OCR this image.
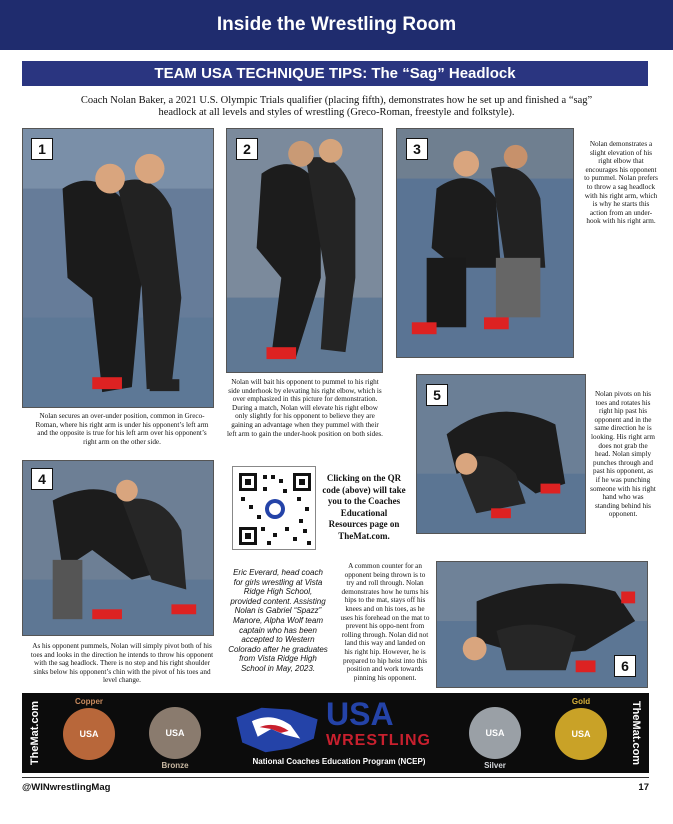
Inside the Wrestling Room
TEAM USA TECHNIQUE TIPS: The “Sag” Headlock

Coach Nolan Baker, a 2021 U.S. Olympic Trials qualifier (placing fifth), demonstrates how he set up and finished a “sag” headlock at all levels and styles of wrestling (Greco-Roman, freestyle and folkstyle).

1	2	3	Nolan demonstrates a slight elevation of his right elbow that encourages his opponent to pummel. Nolan prefers to throw a sag headlock with his right arm, which is why he starts this action from an under-hook with his right arm.

Nolan secures an over-under position, common in Greco-Roman, where his right arm is under his opponent’s left arm and the opposite is true for his left arm over his opponent’s right arm on the other side.

Nolan will bait his opponent to pummel to his right side underhook by elevating his right elbow, which is over emphasized in this picture for demonstration. During a match, Nolan will elevate his right elbow only slightly for his opponent to believe they are gaining an advantage when they pummel with their left arm to gain the under-hook position on both sides.

5	Nolan pivots on his toes and rotates his right hip past his opponent and in the same direction he is looking. His right arm does not grab the head. Nolan simply punches through and past his opponent, as if he was punching someone with his right hand who was standing behind his opponent.

4

As his opponent pummels, Nolan will simply pivot both of his toes and looks in the direction he intends to throw his opponent with the sag headlock. There is no step and his right shoulder sinks below his opponent’s chin with the pivot of his toes and level change.

Clicking on the QR code (above) will take you to the Coaches Educational Resources page on TheMat.com.

Eric Everard, head coach for girls wrestling at Vista Ridge High School, provided content. Assisting Nolan is Gabriel “Spazz” Manore, Alpha Wolf team captain who has been accepted to Western Colorado after he graduates from Vista Ridge High School in May, 2023.

A common counter for an opponent being thrown is to try and roll through. Nolan demonstrates how he turns his hips to the mat, stays off his knees and on his toes, as he uses his forehead on the mat to prevent his oppo-nent from rolling through. Nolan did not land this way and landed on his right hip. However, he is prepared to hip heist into this position and work towards pinning his opponent.

6
TheMat.com	TheMat.com
Copper
USA	USA
Bronze
USA
WRESTLING
National Coaches Education Program (NCEP)
USA
Silver
Gold
USA
@WINwrestlingMag	17
